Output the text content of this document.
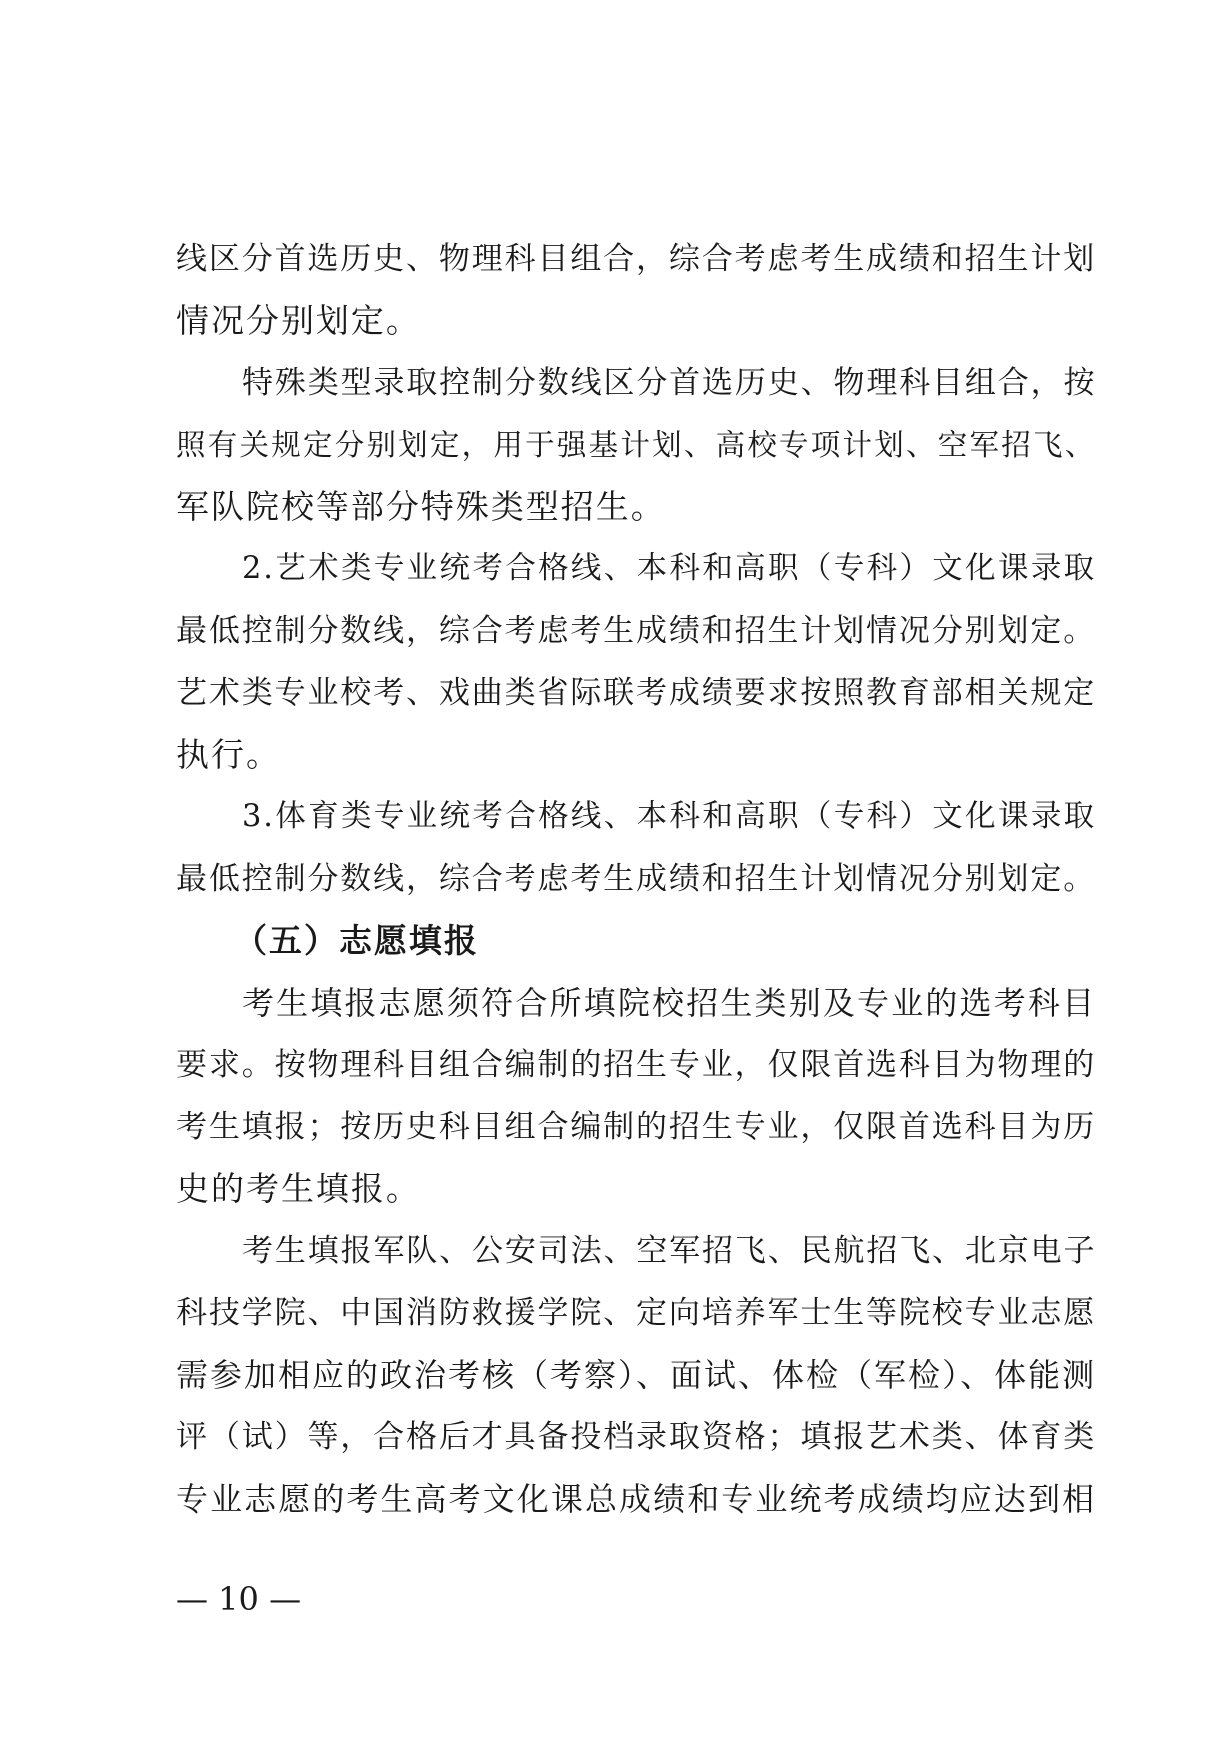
线区分首选历史、物理科目组合，综合考虑考生成绩和招生计划
情况分别划定。
特殊类型录取控制分数线区分首选历史、物理科目组合，按
照有关规定分别划定，用于强基计划、高校专项计划、空军招飞、
军队院校等部分特殊类型招生。
2.艺术类专业统考合格线、本科和高职（专科）文化课录取
最低控制分数线，综合考虑考生成绩和招生计划情况分别划定。
艺术类专业校考、戏曲类省际联考成绩要求按照教育部相关规定
执行。
3.体育类专业统考合格线、本科和高职（专科）文化课录取
最低控制分数线，综合考虑考生成绩和招生计划情况分别划定。
（五）志愿填报
考生填报志愿须符合所填院校招生类别及专业的选考科目
要求。按物理科目组合编制的招生专业，仅限首选科目为物理的
考生填报；按历史科目组合编制的招生专业，仅限首选科目为历
史的考生填报。
考生填报军队、公安司法、空军招飞、民航招飞、北京电子
科技学院、中国消防救援学院、定向培养军士生等院校专业志愿
需参加相应的政治考核（考察）、面试、体检（军检）、体能测
评（试）等，合格后才具备投档录取资格；填报艺术类、体育类
专业志愿的考生高考文化课总成绩和专业统考成绩均应达到相
— 10 —
